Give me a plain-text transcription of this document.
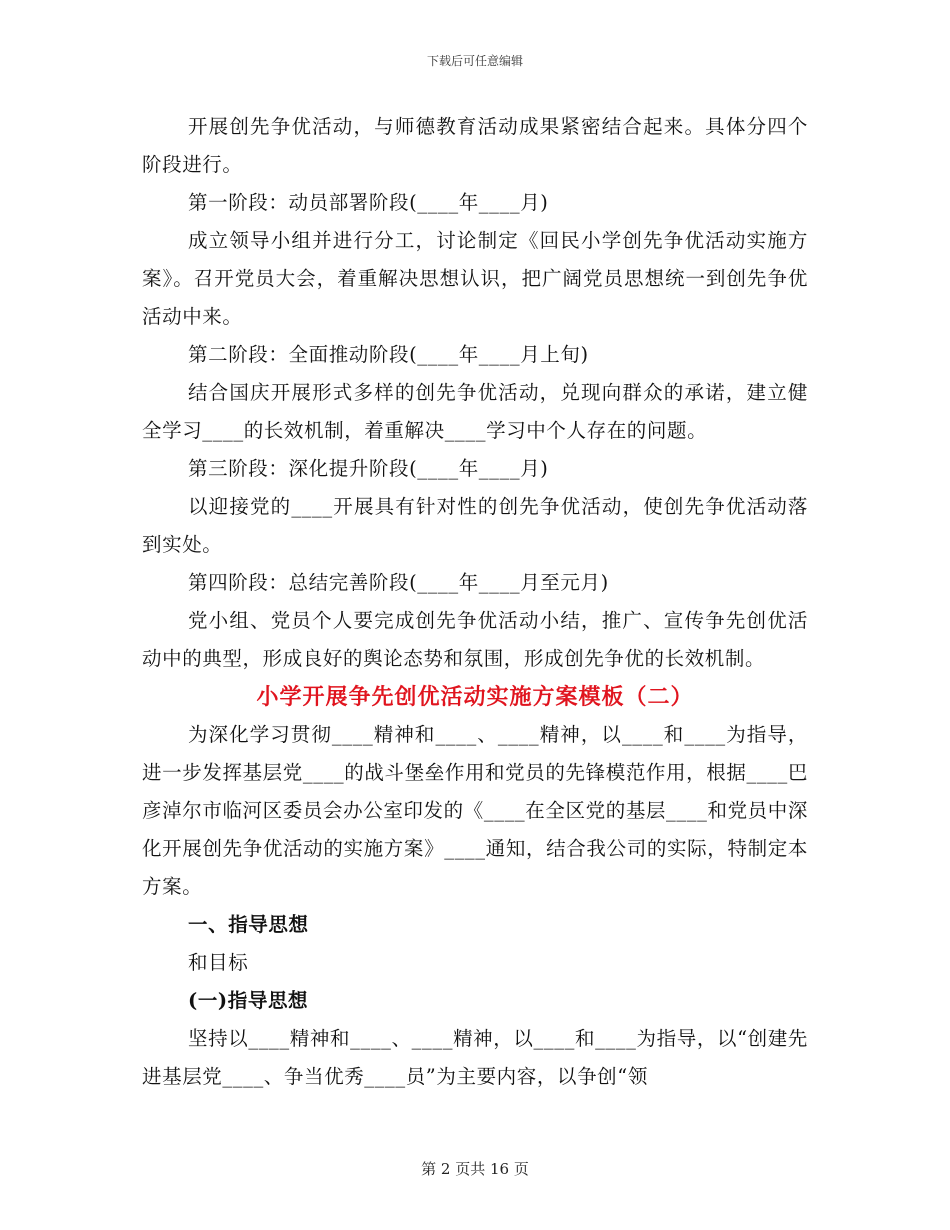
下载后可任意编辑

开展创先争优活动，与师德教育活动成果紧密结合起来。具体分四个阶段进行。

第一阶段：动员部署阶段(____年____月)

成立领导小组并进行分工，讨论制定《回民小学创先争优活动实施方案》。召开党员大会，着重解决思想认识，把广阔党员思想统一到创先争优活动中来。

第二阶段：全面推动阶段(____年____月上旬)

结合国庆开展形式多样的创先争优活动，兑现向群众的承诺，建立健全学习____的长效机制，着重解决____学习中个人存在的问题。

第三阶段：深化提升阶段(____年____月)

以迎接党的____开展具有针对性的创先争优活动，使创先争优活动落到实处。

第四阶段：总结完善阶段(____年____月至元月)

党小组、党员个人要完成创先争优活动小结，推广、宣传争先创优活动中的典型，形成良好的舆论态势和氛围，形成创先争优的长效机制。

小学开展争先创优活动实施方案模板（二）

为深化学习贯彻____精神和____、____精神，以____和____为指导，进一步发挥基层党____的战斗堡垒作用和党员的先锋模范作用，根据____巴彦淖尔市临河区委员会办公室印发的《____在全区党的基层____和党员中深化开展创先争优活动的实施方案》____通知，结合我公司的实际，特制定本方案。

一、指导思想

和目标

(一)指导思想

坚持以____精神和____、____精神，以____和____为指导，以“创建先进基层党____、争当优秀____员”为主要内容，以争创“领

第 2 页共 16 页
